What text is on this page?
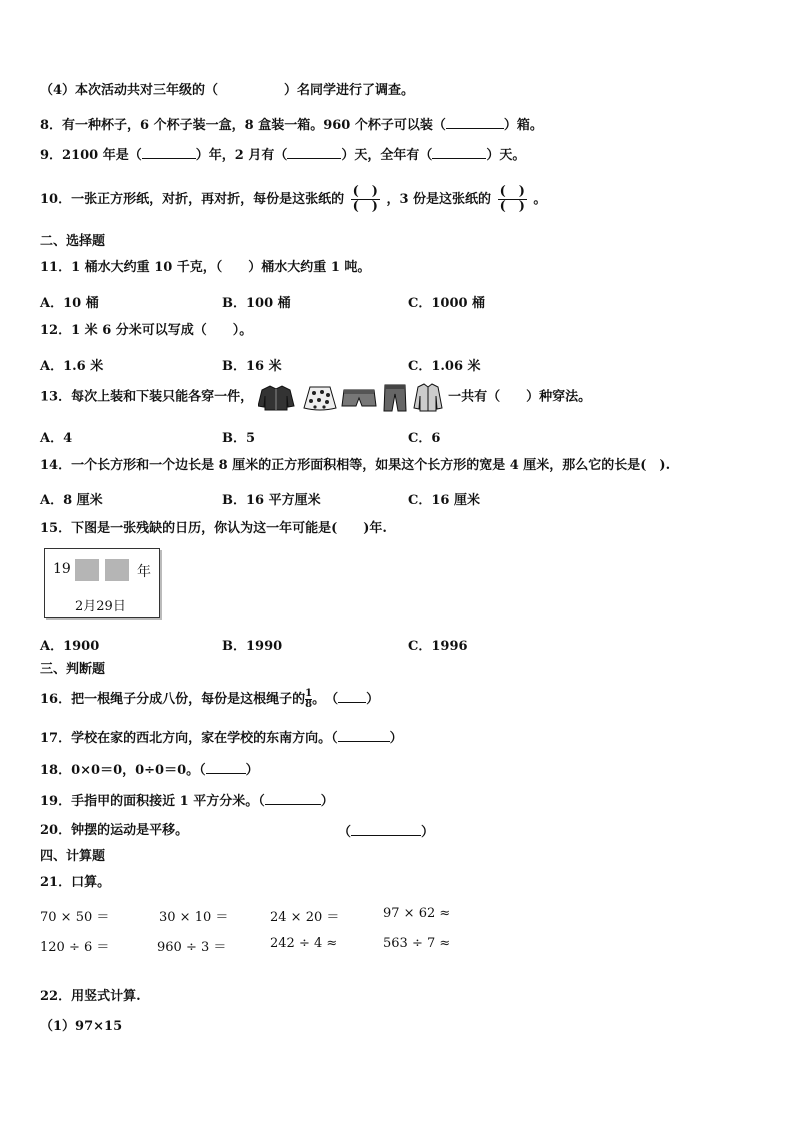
（4）本次活动共对三年级的（	）名同学进行了调查。
8．有一种杯子，6 个杯子装一盒，8 盒装一箱。960 个杯子可以装（	）箱。
9．2100 年是（	）年，2 月有（	）天，全年有（	）天。
10．一张正方形纸，对折，再对折，每份是这张纸的 $\frac{( )}{( )}$ ，3 份是这张纸的 $\frac{( )}{( )}$ 。
二、选择题
11．1 桶水大约重 10 千克，（　　）桶水大约重 1 吨。
A．10 桶	B．100 桶	C．1000 桶
12．1 米 6 分米可以写成（　　）。
A．1.6 米	B．16 米	C．1.06 米
13．每次上装和下装只能各穿一件，	一共有（　　）种穿法。
A．4	B．5	C．6
14．一个长方形和一个边长是 8 厘米的正方形面积相等，如果这个长方形的宽是 4 厘米，那么它的长是(　).
A．8 厘米	B．16 平方厘米	C．16 厘米
15．下图是一张残缺的日历，你认为这一年可能是(　　)年.
19	年
2月29日
A．1900	B．1990	C．1996
三、判断题
16．把一根绳子分成八份，每份是这根绳子的 $\frac{1}{8}$。　（ ）
17．学校在家的西北方向，家在学校的东南方向。（	）
18．0×0＝0，0÷0＝0。（	）
19．手指甲的面积接近 1 平方分米。（	）
20．钟摆的运动是平移。	（	）
四、计算题
21．口算。
70 × 50 ＝	30 × 10 ＝	24 × 20 ＝	97 × 62 ≈
120 ÷ 6 ＝	960 ÷ 3 ＝	242 ÷ 4 ≈	563 ÷ 7 ≈
22．用竖式计算.
（1）97×15
